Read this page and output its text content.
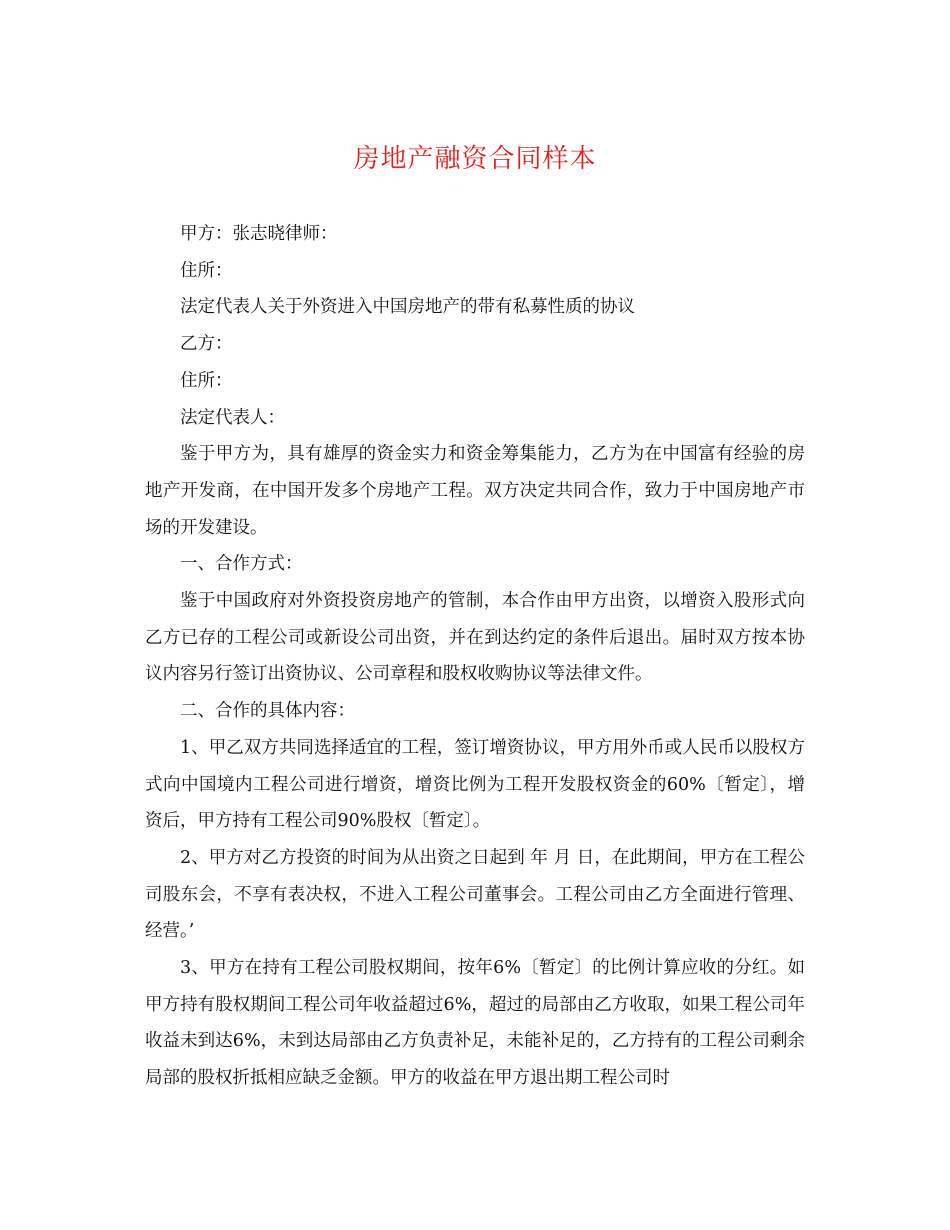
房地产融资合同样本

甲方：张志晓律师：

住所：

法定代表人关于外资进入中国房地产的带有私募性质的协议

乙方：

住所：

法定代表人：

鉴于甲方为，具有雄厚的资金实力和资金筹集能力，乙方为在中国富有经验的房地产开发商，在中国开发多个房地产工程。双方决定共同合作，致力于中国房地产市场的开发建设。

一、合作方式：

鉴于中国政府对外资投资房地产的管制，本合作由甲方出资，以增资入股形式向乙方已存的工程公司或新设公司出资，并在到达约定的条件后退出。届时双方按本协议内容另行签订出资协议、公司章程和股权收购协议等法律文件。

二、合作的具体内容：

1、甲乙双方共同选择适宜的工程，签订增资协议，甲方用外币或人民币以股权方式向中国境内工程公司进行增资，增资比例为工程开发股权资金的60%〔暂定〕，增资后，甲方持有工程公司90%股权〔暂定〕。

2、甲方对乙方投资的时间为从出资之日起到 年 月 日，在此期间，甲方在工程公司股东会，不享有表决权，不进入工程公司董事会。工程公司由乙方全面进行管理、经营。’

3、甲方在持有工程公司股权期间，按年6%〔暂定〕的比例计算应收的分红。如甲方持有股权期间工程公司年收益超过6%，超过的局部由乙方收取，如果工程公司年收益未到达6%，未到达局部由乙方负责补足，未能补足的，乙方持有的工程公司剩余局部的股权折抵相应缺乏金额。甲方的收益在甲方退出期工程公司时
